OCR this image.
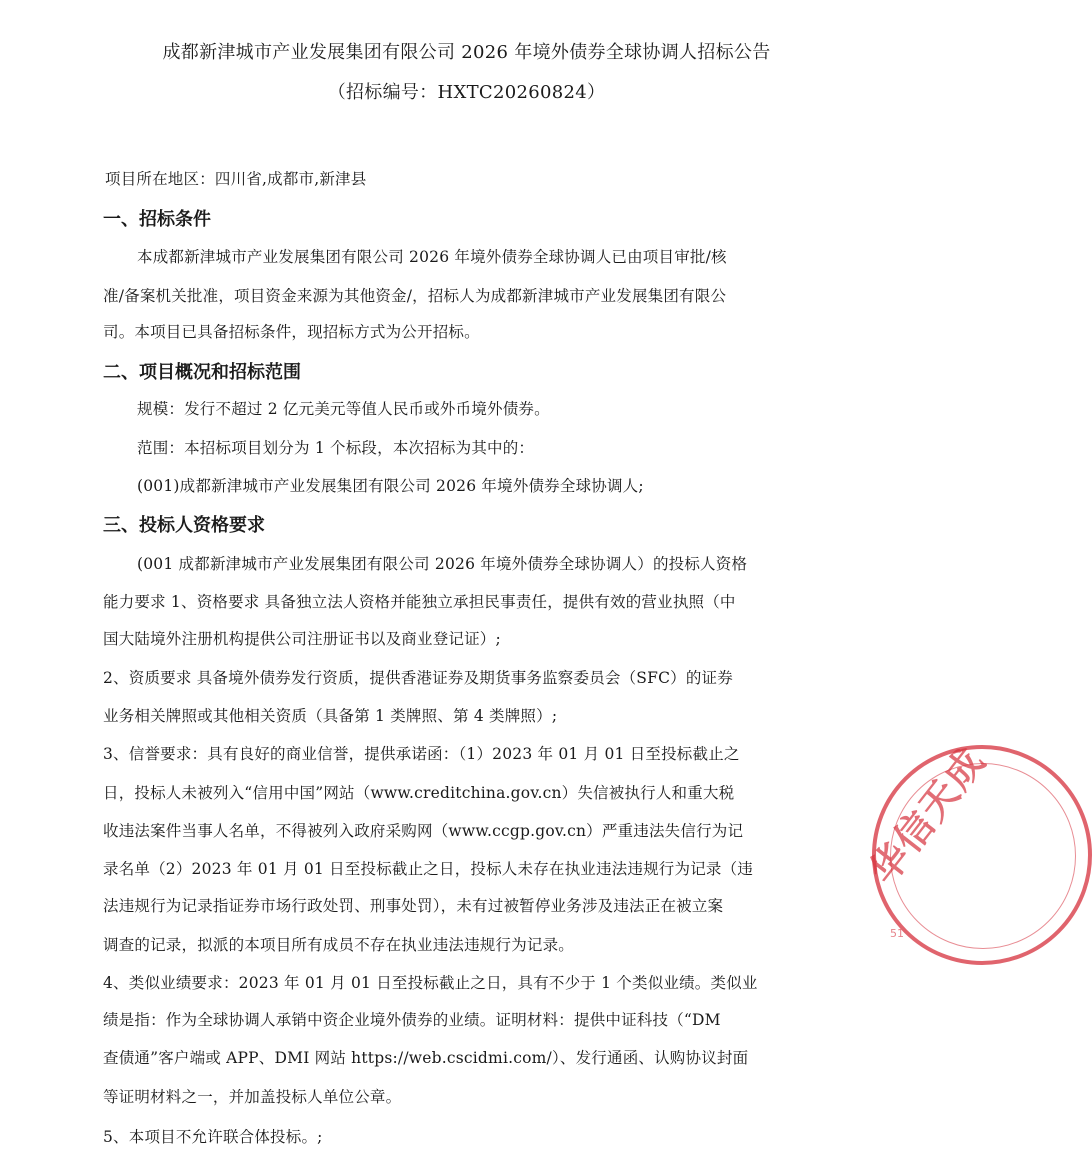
成都新津城市产业发展集团有限公司 2026 年境外债券全球协调人招标公告
（招标编号：HXTC20260824）
项目所在地区：四川省,成都市,新津县
一、招标条件
本成都新津城市产业发展集团有限公司 2026 年境外债券全球协调人已由项目审批/核
准/备案机关批准，项目资金来源为其他资金/，招标人为成都新津城市产业发展集团有限公
司。本项目已具备招标条件，现招标方式为公开招标。
二、项目概况和招标范围
规模：发行不超过 2 亿元美元等值人民币或外币境外债券。
范围：本招标项目划分为 1 个标段，本次招标为其中的：
(001)成都新津城市产业发展集团有限公司 2026 年境外债券全球协调人;
三、投标人资格要求
(001 成都新津城市产业发展集团有限公司 2026 年境外债券全球协调人）的投标人资格
能力要求 1、资格要求 具备独立法人资格并能独立承担民事责任，提供有效的营业执照（中
国大陆境外注册机构提供公司注册证书以及商业登记证）;
2、资质要求 具备境外债券发行资质，提供香港证券及期货事务监察委员会（SFC）的证券
业务相关牌照或其他相关资质（具备第 1 类牌照、第 4 类牌照）;
3、信誉要求：具有良好的商业信誉，提供承诺函：（1）2023 年 01 月 01 日至投标截止之
日，投标人未被列入“信用中国”网站（www.creditchina.gov.cn）失信被执行人和重大税
收违法案件当事人名单，不得被列入政府采购网（www.ccgp.gov.cn）严重违法失信行为记
录名单（2）2023 年 01 月 01 日至投标截止之日，投标人未存在执业违法违规行为记录（违
法违规行为记录指证券市场行政处罚、刑事处罚），未有过被暂停业务涉及违法正在被立案
调查的记录，拟派的本项目所有成员不存在执业违法违规行为记录。
4、类似业绩要求：2023 年 01 月 01 日至投标截止之日，具有不少于 1 个类似业绩。类似业
绩是指：作为全球协调人承销中资企业境外债券的业绩。证明材料：提供中证科技（“DM
查债通”客户端或 APP、DMI 网站 https://web.cscidmi.com/）、发行通函、认购协议封面
等证明材料之一，并加盖投标人单位公章。
5、本项目不允许联合体投标。;
华信天成
51
